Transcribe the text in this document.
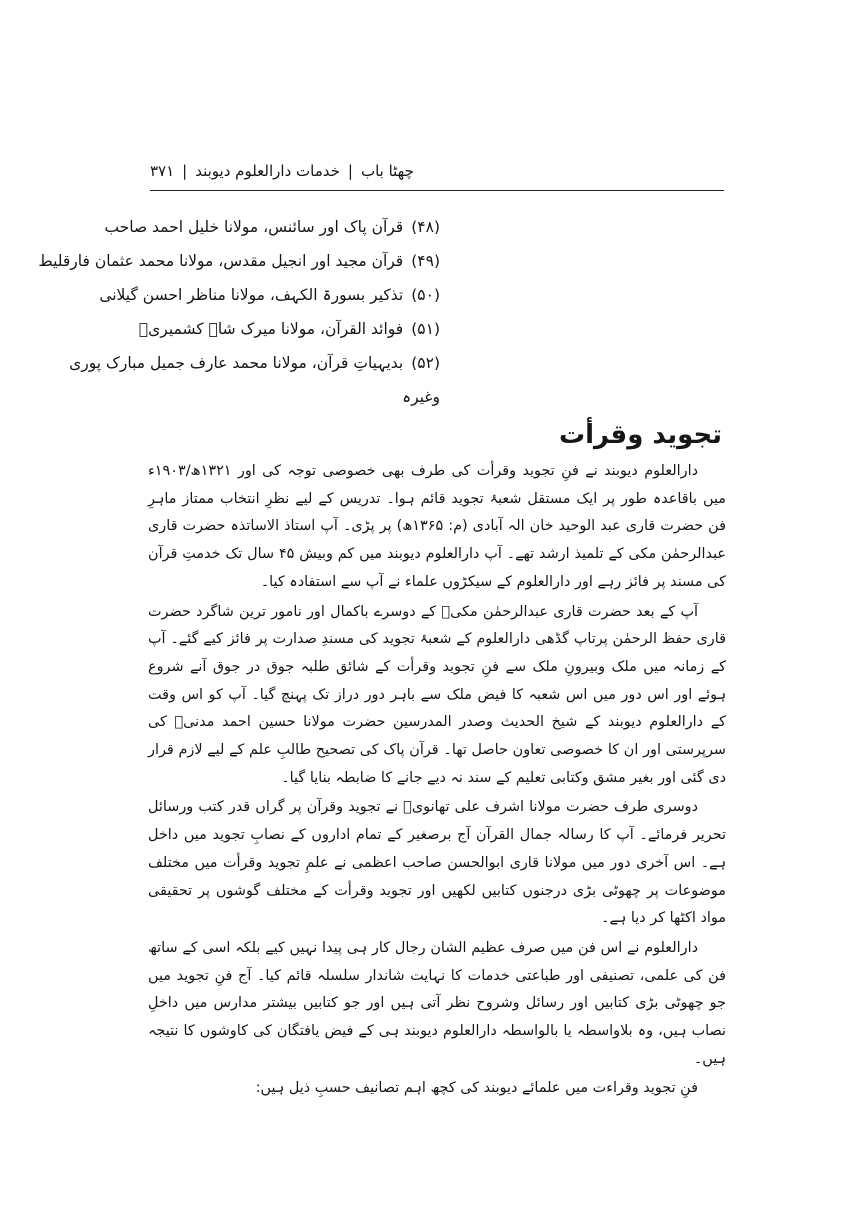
چھٹا باب
|
خدمات دارالعلوم دیوبند
|
۳۷۱
(۴۸)قرآن پاک اور سائنس، مولانا خلیل احمد صاحب
(۴۹)قرآن مجید اور انجیل مقدس، مولانا محمد عثمان فارقلیط
(۵۰)تذکیر بسورۃ الکہف، مولانا مناظر احسن گیلانی
(۵۱)فوائد القرآن، مولانا میرک شاہ کشمیریؒ
(۵۲)بدیہیاتِ قرآن، مولانا محمد عارف جمیل مبارک پوری
وغیرہ
تجوید وقرأت

دارالعلوم دیوبند نے فنِ تجوید وقرأت کی طرف بھی خصوصی توجہ کی اور ۱۳۲۱ھ/۱۹۰۳ء میں باقاعدہ طور پر ایک مستقل شعبۂ تجوید قائم ہوا۔ تدریس کے لیے نظرِ انتخاب ممتاز ماہرِ فن حضرت قاری عبد الوحید خان الہ آبادی (م: ۱۳۶۵ھ) پر پڑی۔ آپ استاذ الاساتذہ حضرت قاری عبدالرحمٰن مکی کے تلمیذ ارشد تھے۔ آپ دارالعلوم دیوبند میں کم وبیش ۴۵ سال تک خدمتِ قرآن کی مسند پر فائز رہے اور دارالعلوم کے سیکڑوں علماء نے آپ سے استفادہ کیا۔

آپ کے بعد حضرت قاری عبدالرحمٰن مکیؒ کے دوسرے باکمال اور نامور ترین شاگرد حضرت قاری حفظ الرحمٰن پرتاپ گڈھی دارالعلوم کے شعبۂ تجوید کی مسندِ صدارت پر فائز کیے گئے۔ آپ کے زمانہ میں ملک وبیرونِ ملک سے فنِ تجوید وقرأت کے شائق طلبہ جوق در جوق آنے شروع ہوئے اور اس دور میں اس شعبہ کا فیض ملک سے باہر دور دراز تک پہنچ گیا۔ آپ کو اس وقت کے دارالعلوم دیوبند کے شیخ الحدیث وصدر المدرسین حضرت مولانا حسین احمد مدنیؒ کی سرپرستی اور ان کا خصوصی تعاون حاصل تھا۔ قرآن پاک کی تصحیح طالبِ علم کے لیے لازم قرار دی گئی اور بغیر مشق وکتابی تعلیم کے سند نہ دیے جانے کا ضابطہ بنایا گیا۔

دوسری طرف حضرت مولانا اشرف علی تھانویؒ نے تجوید وقرآن پر گراں قدر کتب ورسائل تحریر فرمائے۔ آپ کا رسالہ جمال القرآن آج برصغیر کے تمام اداروں کے نصابِ تجوید میں داخل ہے۔ اس آخری دور میں مولانا قاری ابوالحسن صاحب اعظمی نے علمِ تجوید وقرأت میں مختلف موضوعات پر چھوٹی بڑی درجنوں کتابیں لکھیں اور تجوید وقرأت کے مختلف گوشوں پر تحقیقی مواد اکٹھا کر دیا ہے۔

دارالعلوم نے اس فن میں صرف عظیم الشان رجال کار ہی پیدا نہیں کیے بلکہ اسی کے ساتھ فن کی علمی، تصنیفی اور طباعتی خدمات کا نہایت شاندار سلسلہ قائم کیا۔ آج فنِ تجوید میں جو چھوٹی بڑی کتابیں اور رسائل وشروح نظر آتی ہیں اور جو کتابیں بیشتر مدارس میں داخلِ نصاب ہیں، وہ بلاواسطہ یا بالواسطہ دارالعلوم دیوبند ہی کے فیض یافتگان کی کاوشوں کا نتیجہ ہیں۔

فنِ تجوید وقراءت میں علمائے دیوبند کی کچھ اہم تصانیف حسبِ ذیل ہیں:
